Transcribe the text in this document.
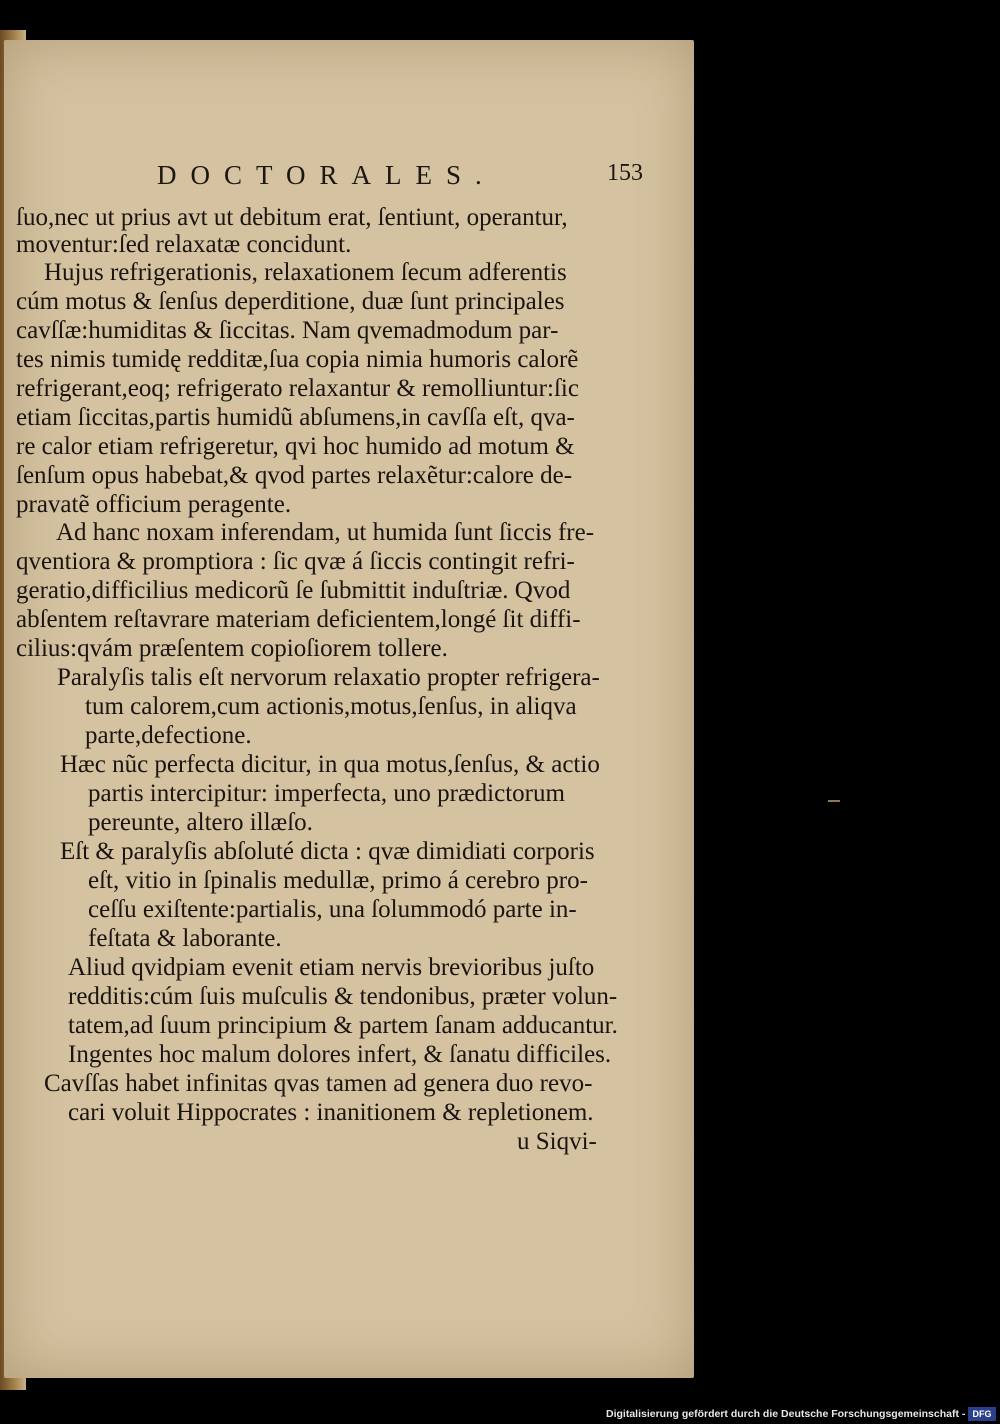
DOCTORALES.	153
ſuo,nec ut prius avt ut debitum erat, ſentiunt, operantur,
moventur:ſed relaxatæ concidunt.
Hujus refrigerationis, relaxationem ſecum adferentis
cúm motus & ſenſus deperditione, duæ ſunt principales
cavſſæ:humiditas & ſiccitas. Nam qvemadmodum par-
tes nimis tumidę redditæ,ſua copia nimia humoris calorẽ
refrigerant,eoq; refrigerato relaxantur & remolliuntur:ſic
etiam ſiccitas,partis humidũ abſumens,in cavſſa eſt, qva-
re calor etiam refrigeretur, qvi hoc humido ad motum &
ſenſum opus habebat,& qvod partes relaxẽtur:calore de-
pravatẽ officium peragente.
Ad hanc noxam inferendam, ut humida ſunt ſiccis fre-
qventiora & promptiora : ſic qvæ á ſiccis contingit refri-
geratio,difficilius medicorũ ſe ſubmittit induſtriæ. Qvod
abſentem reſtavrare materiam deficientem,longé ſit diffi-
cilius:qvám præſentem copioſiorem tollere.
Paralyſis talis eſt nervorum relaxatio propter refrigera-
tum calorem,cum actionis,motus,ſenſus, in aliqva
parte,defectione.
Hæc nũc perfecta dicitur, in qua motus,ſenſus, & actio
partis intercipitur: imperfecta, uno prædictorum
pereunte, altero illæſo.
Eſt & paralyſis abſoluté dicta : qvæ dimidiati corporis
eſt, vitio in ſpinalis medullæ, primo á cerebro pro-
ceſſu exiſtente:partialis, una ſolummodó parte in-
feſtata & laborante.
Aliud qvidpiam evenit etiam nervis brevioribus juſto
redditis:cúm ſuis muſculis & tendonibus, præter volun-
tatem,ad ſuum principium & partem ſanam adducantur.
Ingentes hoc malum dolores infert, & ſanatu difficiles.
Cavſſas habet infinitas qvas tamen ad genera duo revo-
cari voluit Hippocrates : inanitionem & repletionem.
u Siqvi-
Digitalisierung gefördert durch die Deutsche Forschungsgemeinschaft - DFG
